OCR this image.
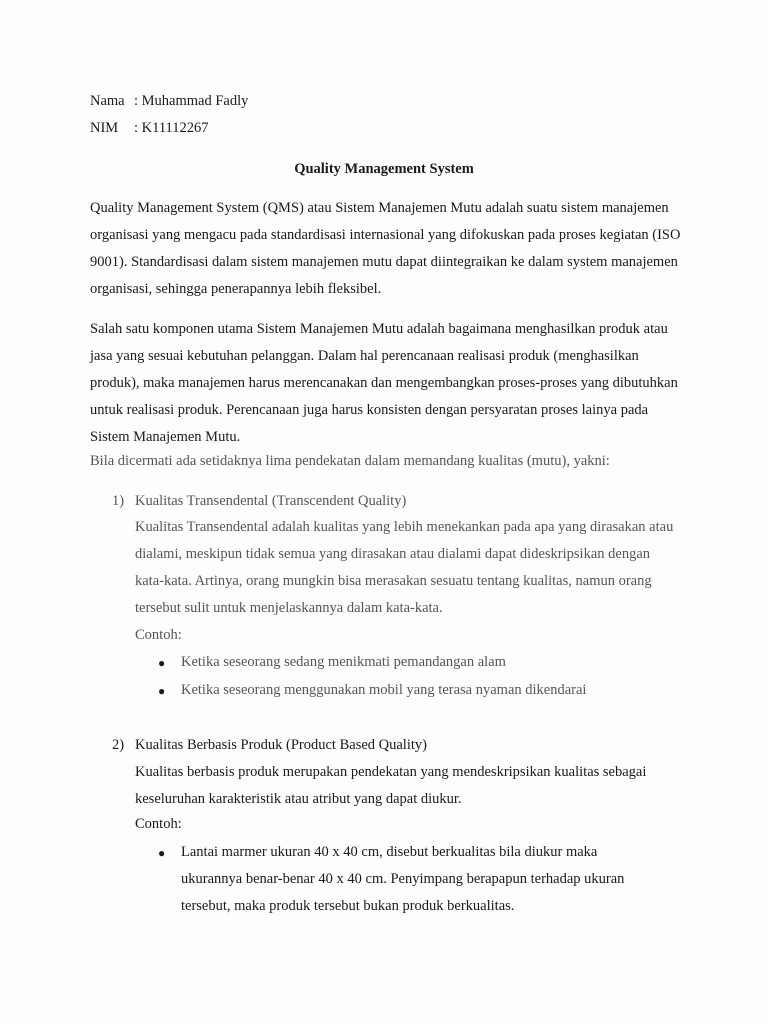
Nama : Muhammad Fadly
NIM : K11112267
Quality Management System

Quality Management System (QMS) atau Sistem Manajemen Mutu adalah suatu sistem manajemen organisasi yang mengacu pada standardisasi internasional yang difokuskan pada proses kegiatan (ISO 9001). Standardisasi dalam sistem manajemen mutu dapat diintegraikan ke dalam system manajemen organisasi, sehingga penerapannya lebih fleksibel.

Salah satu komponen utama Sistem Manajemen Mutu adalah bagaimana menghasilkan produk atau jasa yang sesuai kebutuhan pelanggan. Dalam hal perencanaan realisasi produk (menghasilkan produk), maka manajemen harus merencanakan dan mengembangkan proses-proses yang dibutuhkan untuk realisasi produk. Perencanaan juga harus konsisten dengan persyaratan proses lainya pada Sistem Manajemen Mutu.

Bila dicermati ada setidaknya lima pendekatan dalam memandang kualitas (mutu), yakni:
1) Kualitas Transendental (Transcendent Quality)

Kualitas Transendental adalah kualitas yang lebih menekankan pada apa yang dirasakan atau dialami, meskipun tidak semua yang dirasakan atau dialami dapat dideskripsikan dengan kata-kata. Artinya, orang mungkin bisa merasakan sesuatu tentang kualitas, namun orang tersebut sulit untuk menjelaskannya dalam kata-kata.

Contoh:
● Ketika seseorang sedang menikmati pemandangan alam
● Ketika seseorang menggunakan mobil yang terasa nyaman dikendarai
2) Kualitas Berbasis Produk (Product Based Quality)

Kualitas berbasis produk merupakan pendekatan yang mendeskripsikan kualitas sebagai keseluruhan karakteristik atau atribut yang dapat diukur.

Contoh:
● Lantai marmer ukuran 40 x 40 cm, disebut berkualitas bila diukur maka ukurannya benar-benar 40 x 40 cm. Penyimpang berapapun terhadap ukuran tersebut, maka produk tersebut bukan produk berkualitas.
